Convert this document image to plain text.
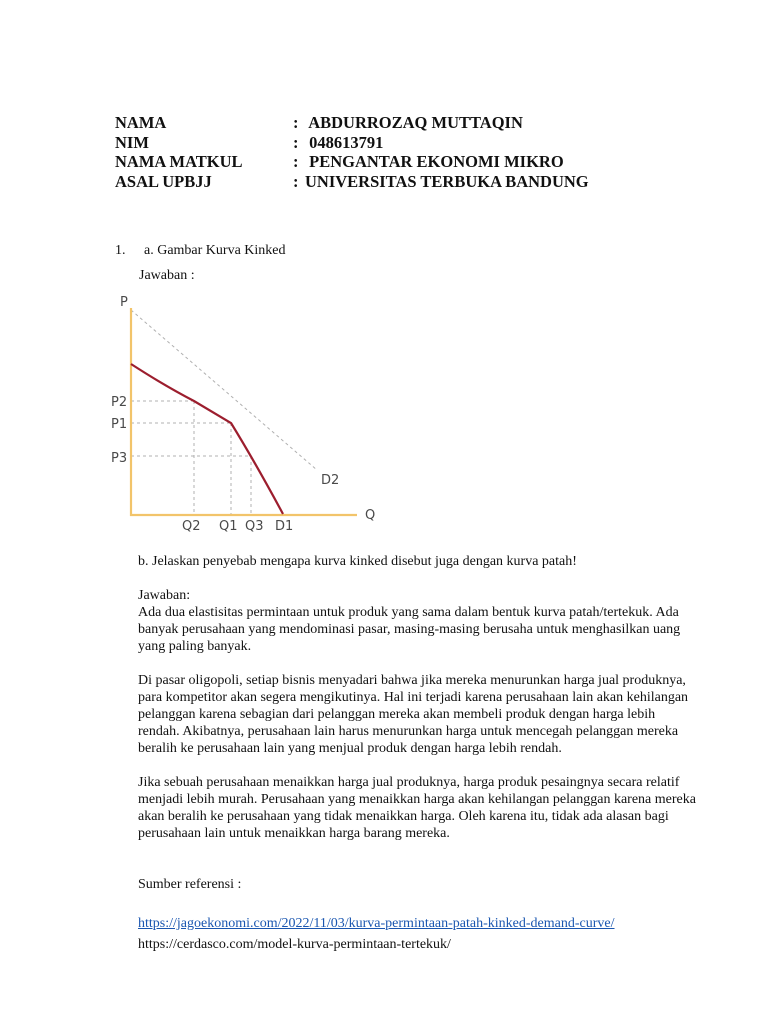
NAMA	: ABDURROZAQ MUTTAQIN
NIM	: 048613791
NAMA MATKUL	: PENGANTAR EKONOMI MIKRO
ASAL UPBJJ	: UNIVERSITAS TERBUKA BANDUNG
1. a. Gambar Kurva Kinked
Jawaban :
P
Q
P2
P1
P3
Q2 Q1 Q3 D1
D2

b. Jelaskan penyebab mengapa kurva kinked disebut juga dengan kurva patah!

Jawaban:

Ada dua elastisitas permintaan untuk produk yang sama dalam bentuk kurva patah/tertekuk. Ada banyak perusahaan yang mendominasi pasar, masing-masing berusaha untuk menghasilkan uang yang paling banyak.

Di pasar oligopoli, setiap bisnis menyadari bahwa jika mereka menurunkan harga jual produknya, para kompetitor akan segera mengikutinya. Hal ini terjadi karena perusahaan lain akan kehilangan pelanggan karena sebagian dari pelanggan mereka akan membeli produk dengan harga lebih rendah. Akibatnya, perusahaan lain harus menurunkan harga untuk mencegah pelanggan mereka beralih ke perusahaan lain yang menjual produk dengan harga lebih rendah.

Jika sebuah perusahaan menaikkan harga jual produknya, harga produk pesaingnya secara relatif menjadi lebih murah. Perusahaan yang menaikkan harga akan kehilangan pelanggan karena mereka akan beralih ke perusahaan yang tidak menaikkan harga. Oleh karena itu, tidak ada alasan bagi perusahaan lain untuk menaikkan harga barang mereka.

Sumber referensi :

https://jagoekonomi.com/2022/11/03/kurva-permintaan-patah-kinked-demand-curve/

https://cerdasco.com/model-kurva-permintaan-tertekuk/
